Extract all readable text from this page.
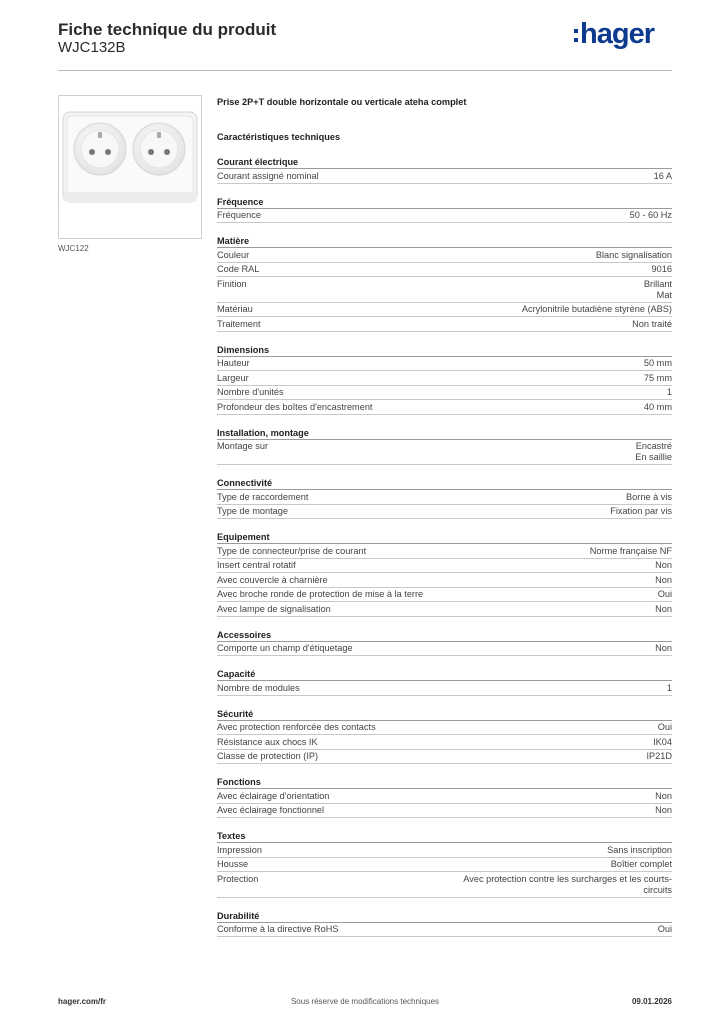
Fiche technique du produit
WJC132B	hager
WJC122
Prise 2P+T double horizontale ou verticale ateha complet
Caractéristiques techniques
Courant électrique
Courant assigné nominal	16 A
Fréquence
Fréquence	50 - 60 Hz
Matière
Couleur	Blanc signalisation
Code RAL	9016
Finition	Brillant
Mat
Matériau	Acrylonitrile butadiène styrène (ABS)
Traitement	Non traité
Dimensions
Hauteur	50 mm
Largeur	75 mm
Nombre d'unités	1
Profondeur des boîtes d'encastrement	40 mm
Installation, montage
Montage sur	Encastré
En saillie
Connectivité
Type de raccordement	Borne à vis
Type de montage	Fixation par vis
Equipement
Type de connecteur/prise de courant	Norme française NF
Insert central rotatif	Non
Avec couvercle à charnière	Non
Avec broche ronde de protection de mise à la terre	Oui
Avec lampe de signalisation	Non
Accessoires
Comporte un champ d'étiquetage	Non
Capacité
Nombre de modules	1
Sécurité
Avec protection renforcée des contacts	Oui
Résistance aux chocs IK	IK04
Classe de protection (IP)	IP21D
Fonctions
Avec éclairage d'orientation	Non
Avec éclairage fonctionnel	Non
Textes
Impression	Sans inscription
Housse	Boîtier complet
Protection	Avec protection contre les surcharges et les courts-
circuits
Durabilité
Conforme à la directive RoHS	Oui
hager.com/fr	Sous réserve de modifications techniques	09.01.2026
